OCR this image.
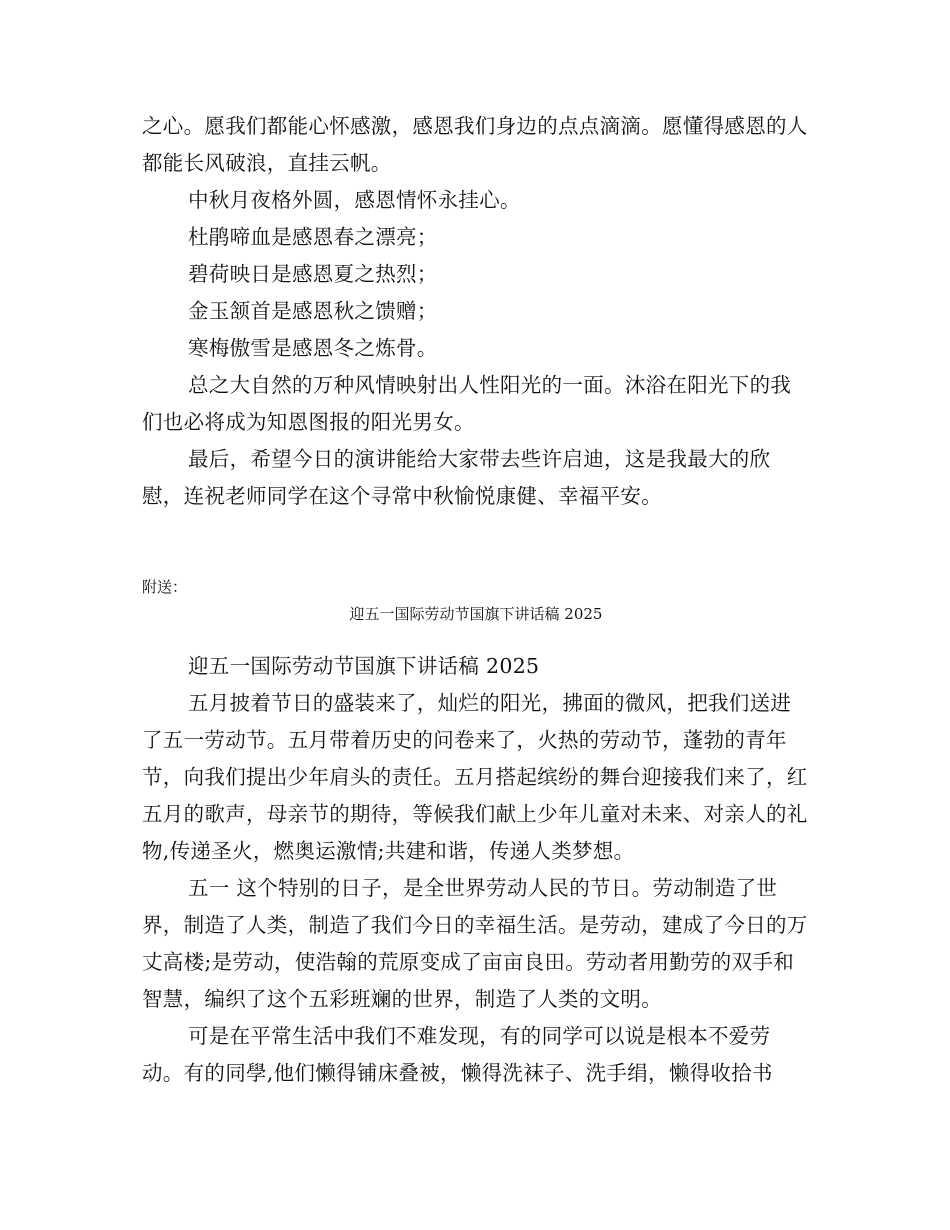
之心。愿我们都能心怀感激，感恩我们身边的点点滴滴。愿懂得感恩的人都能长风破浪，直挂云帆。

中秋月夜格外圆，感恩情怀永挂心。

杜鹃啼血是感恩春之漂亮；

碧荷映日是感恩夏之热烈；

金玉颔首是感恩秋之馈赠；

寒梅傲雪是感恩冬之炼骨。

总之大自然的万种风情映射出人性阳光的一面。沐浴在阳光下的我们也必将成为知恩图报的阳光男女。

最后，希望今日的演讲能给大家带去些许启迪，这是我最大的欣慰，连祝老师同学在这个寻常中秋愉悦康健、幸福平安。

附送：

迎五一国际劳动节国旗下讲话稿 2025

迎五一国际劳动节国旗下讲话稿 2025

五月披着节日的盛装来了，灿烂的阳光，拂面的微风，把我们送进了五一劳动节。五月带着历史的问卷来了，火热的劳动节，蓬勃的青年节，向我们提出少年肩头的责任。五月搭起缤纷的舞台迎接我们来了，红五月的歌声，母亲节的期待，等候我们献上少年儿童对未来、对亲人的礼物,传递圣火，燃奥运激情;共建和谐，传递人类梦想。

五一 这个特别的日子，是全世界劳动人民的节日。劳动制造了世界，制造了人类，制造了我们今日的幸福生活。是劳动，建成了今日的万丈高楼;是劳动，使浩翰的荒原变成了亩亩良田。劳动者用勤劳的双手和智慧，编织了这个五彩班斓的世界，制造了人类的文明。

可是在平常生活中我们不难发现，有的同学可以说是根本不爱劳动。有的同學,他们懒得铺床叠被，懒得洗袜子、洗手绢，懒得收拾书
